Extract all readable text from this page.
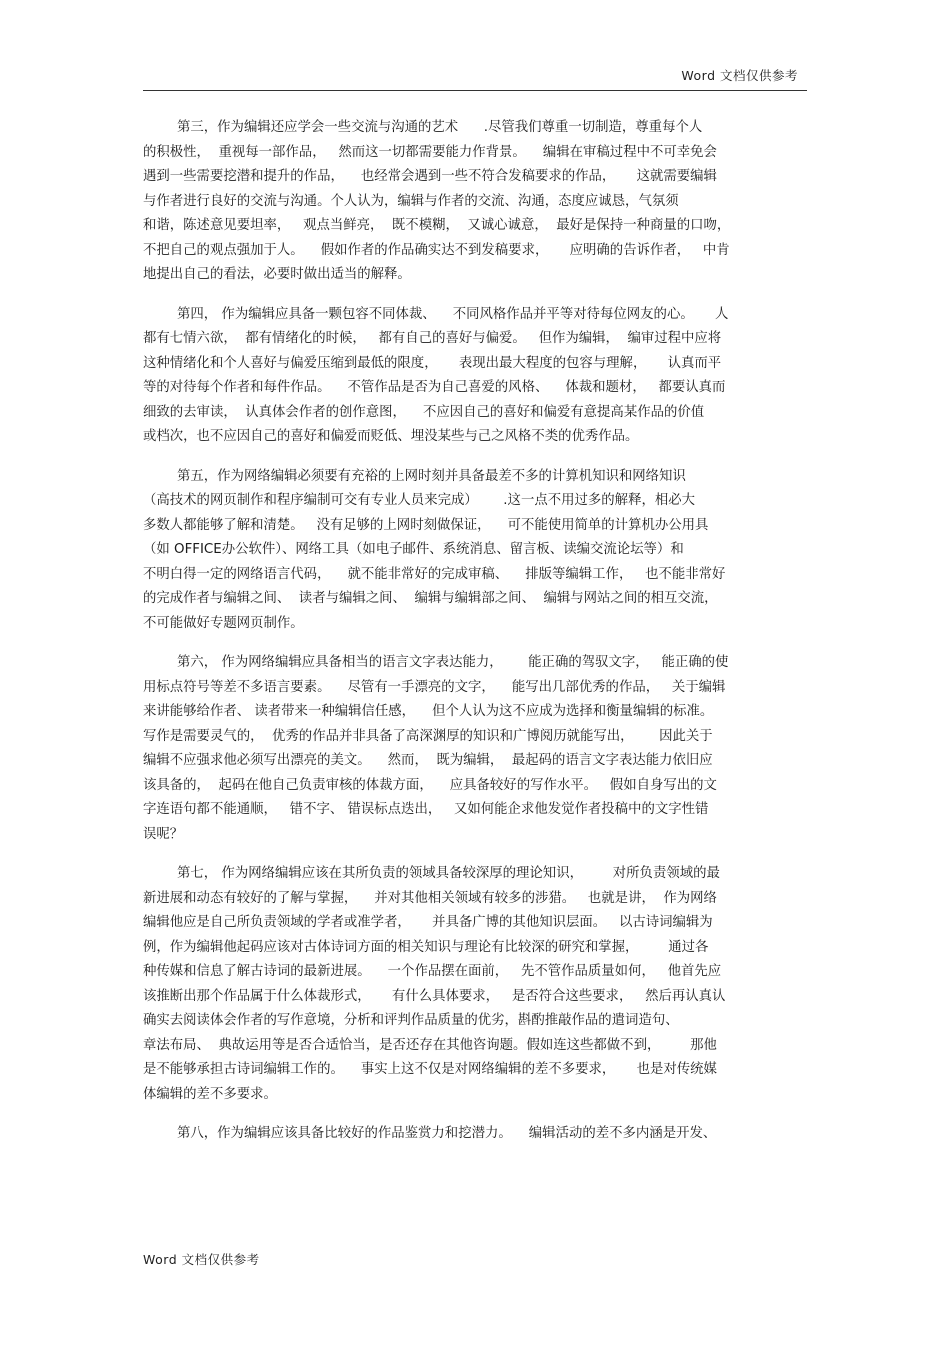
Word 文档仅供参考
第三，作为编辑还应学会一些交流与沟通的艺术      .尽管我们尊重一切制造，尊重每个人
的积极性，  重视每一部作品，   然而这一切都需要能力作背景。    编辑在审稿过程中不可幸免会
遇到一些需要挖潜和提升的作品，    也经常会遇到一些不符合发稿要求的作品，     这就需要编辑
与作者进行良好的交流与沟通。个人认为，编辑与作者的交流、沟通，态度应诚恳，气氛须
和谐，陈述意见要坦率，   观点当鲜亮，  既不模糊，  又诚心诚意，  最好是保持一种商量的口吻，
不把自己的观点强加于人。    假如作者的作品确实达不到发稿要求，     应明确的告诉作者，   中肯
地提出自己的看法，必要时做出适当的解释。
第四， 作为编辑应具备一颗包容不同体裁、    不同风格作品并平等对待每位网友的心。     人
都有七情六欲，  都有情绪化的时候，   都有自己的喜好与偏爱。   但作为编辑，  编审过程中应将
这种情绪化和个人喜好与偏爱压缩到最低的限度，     表现出最大程度的包容与理解，     认真而平
等的对待每个作者和每件作品。    不管作品是否为自己喜爱的风格、    体裁和题材，   都要认真而
细致的去审读，  认真体会作者的创作意图，    不应因自己的喜好和偏爱有意提高某作品的价值
或档次，也不应因自己的喜好和偏爱而贬低、埋没某些与己之风格不类的优秀作品。
第五，作为网络编辑必须要有充裕的上网时刻并具备最差不多的计算机知识和网络知识
（高技术的网页制作和程序编制可交有专业人员来完成）      .这一点不用过多的解释，相必大
多数人都能够了解和清楚。   没有足够的上网时刻做保证，    可不能使用简单的计算机办公用具
（如 OFFICE办公软件）、网络工具（如电子邮件、系统消息、留言板、读编交流论坛等）和
不明白得一定的网络语言代码，    就不能非常好的完成审稿、    排版等编辑工作，   也不能非常好
的完成作者与编辑之间、  读者与编辑之间、  编辑与编辑部之间、  编辑与网站之间的相互交流，
不可能做好专题网页制作。
第六， 作为网络编辑应具备相当的语言文字表达能力，      能正确的驾驭文字，   能正确的使
用标点符号等差不多语言要素。    尽管有一手漂亮的文字，    能写出几部优秀的作品，   关于编辑
来讲能够给作者、 读者带来一种编辑信任感，    但个人认为这不应成为选择和衡量编辑的标准。
写作是需要灵气的，  优秀的作品并非具备了高深渊厚的知识和广博阅历就能写出，      因此关于
编辑不应强求他必须写出漂亮的美文。    然而，  既为编辑，  最起码的语言文字表达能力依旧应
该具备的，  起码在他自己负责审核的体裁方面，    应具备较好的写作水平。   假如自身写出的文
字连语句都不能通顺，   错不字、 错误标点迭出，   又如何能企求他发觉作者投稿中的文字性错
误呢？
第七， 作为网络编辑应该在其所负责的领域具备较深厚的理论知识，       对所负责领域的最
新进展和动态有较好的了解与掌握，    并对其他相关领域有较多的涉猎。   也就是讲，  作为网络
编辑他应是自己所负责领域的学者或准学者，     并具备广博的其他知识层面。   以古诗词编辑为
例，作为编辑他起码应该对古体诗词方面的相关知识与理论有比较深的研究和掌握，       通过各
种传媒和信息了解古诗词的最新进展。    一个作品摆在面前，   先不管作品质量如何，   他首先应
该推断出那个作品属于什么体裁形式，     有什么具体要求，   是否符合这些要求，   然后再认真认
确实去阅读体会作者的写作意境，分析和评判作品质量的优劣，斟酌推敲作品的遣词造句、
章法布局、  典故运用等是否合适恰当，是否还存在其他咨询题。假如连这些都做不到，       那他
是不能够承担古诗词编辑工作的。    事实上这不仅是对网络编辑的差不多要求，     也是对传统媒
体编辑的差不多要求。
第八，作为编辑应该具备比较好的作品鉴赏力和挖潜力。    编辑活动的差不多内涵是开发、
Word 文档仅供参考
